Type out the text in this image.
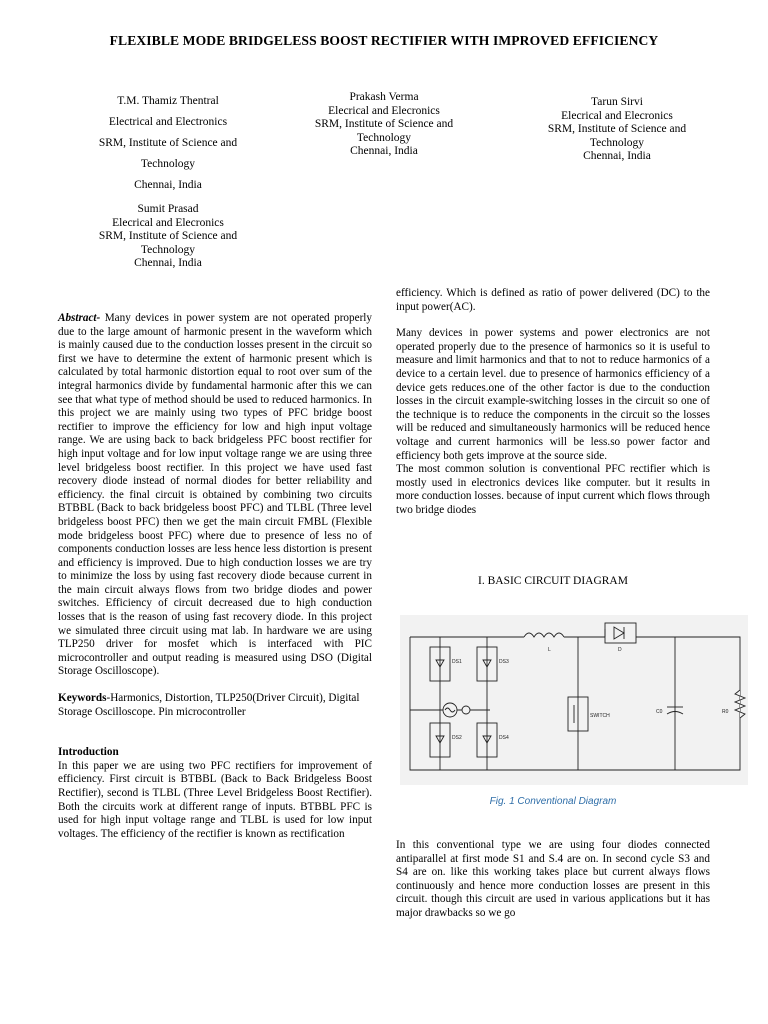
FLEXIBLE MODE BRIDGELESS BOOST RECTIFIER WITH IMPROVED EFFICIENCY
T.M. Thamiz Thentral
Electrical and Electronics
SRM, Institute of Science and
Technology
Chennai, India
Sumit Prasad
Elecrical and Elecronics
SRM, Institute of Science and
Technology
Chennai, India
Prakash Verma
Elecrical and Elecronics
SRM, Institute of Science and
Technology
Chennai, India
Tarun Sirvi
Elecrical and Elecronics
SRM, Institute of Science and
Technology
Chennai, India

Abstract- Many devices in power system are not operated properly due to the large amount of harmonic present in the waveform which is mainly caused due to the conduction losses present in the circuit so first we have to determine the extent of harmonic present which is calculated by total harmonic distortion equal to root over sum of the integral harmonics divide by fundamental harmonic after this we can see that what type of method should be used to reduced harmonics. In this project we are mainly using two types of PFC bridge boost rectifier to improve the efficiency for low and high input voltage range. We are using back to back bridgeless PFC boost rectifier for high input voltage and for low input voltage range we are using three level bridgeless boost rectifier. In this project we have used fast recovery diode instead of normal diodes for better reliability and efficiency. the final circuit is obtained by combining two circuits BTBBL (Back to back bridgeless boost PFC) and TLBL (Three level bridgeless boost PFC) then we get the main circuit FMBL (Flexible mode bridgeless boost PFC) where due to presence of less no of components conduction losses are less hence less distortion is present and efficiency is improved. Due to high conduction losses we are try to minimize the loss by using fast recovery diode because current in the main circuit always flows from two bridge diodes and power switches. Efficiency of circuit decreased due to high conduction losses that is the reason of using fast recovery diode. In this project we simulated three circuit using mat lab. In hardware we are using TLP250 driver for mosfet which is interfaced with PIC microcontroller and output reading is measured using DSO (Digital Storage Oscilloscope).

Keywords-Harmonics, Distortion, TLP250(Driver Circuit), Digital Storage Oscilloscope. Pin microcontroller

Introduction

In this paper we are using two PFC rectifiers for improvement of efficiency. First circuit is BTBBL (Back to Back Bridgeless Boost Rectifier), second is TLBL (Three Level Bridgeless Boost Rectifier). Both the circuits work at different range of inputs. BTBBL PFC is used for high input voltage range and TLBL is used for low input voltages. The efficiency of the rectifier is known as rectification

efficiency. Which is defined as ratio of power delivered (DC) to the input power(AC).

Many devices in power systems and power electronics are not operated properly due to the presence of harmonics so it is useful to measure and limit harmonics and that to not to reduce harmonics of a device to a certain level. due to presence of harmonics efficiency of a device gets reduces.one of the other factor is due to the conduction losses in the circuit example-switching losses in the circuit so one of the technique is to reduce the components in the circuit so the losses will be reduced and simultaneously harmonics will be reduced hence voltage and current harmonics will be less.so power factor and efficiency both gets improve at the source side.

The most common solution is conventional PFC rectifier which is mostly used in electronics devices like computer. but it results in more conduction losses. because of input current which flows through two bridge diodes

I. BASIC CIRCUIT DIAGRAM
DS1	DS3
DS2	DS4
L	D
SWITCH
C0	R0
Fig. 1 Conventional Diagram
In this conventional type we are using four diodes connected antiparallel at first mode S1 and S.4 are on. In second cycle S3 and S4 are on. like this working takes place but current always flows continuously and hence more conduction losses are present in this circuit. though this circuit are used in various applications but it has major drawbacks so we go
